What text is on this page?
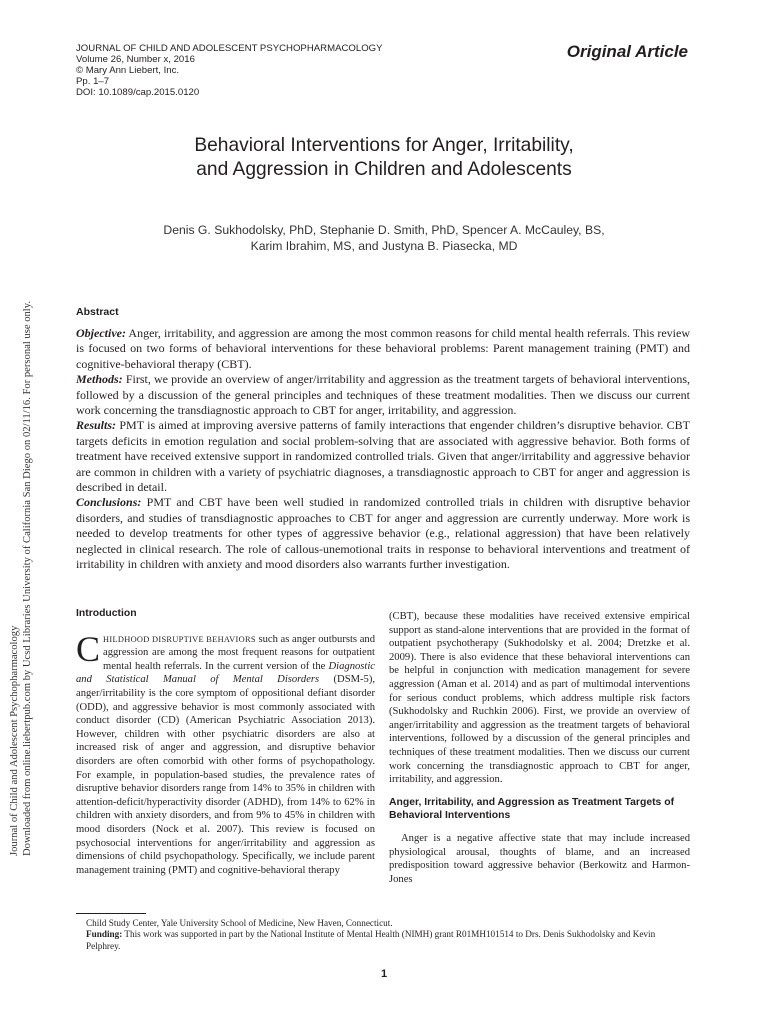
Journal of Child and Adolescent Psychopharmacology Downloaded from online.liebertpub.com by Ucsd Libraries University of California San Diego on 02/11/16. For personal use only.
JOURNAL OF CHILD AND ADOLESCENT PSYCHOPHARMACOLOGY
Volume 26, Number x, 2016
© Mary Ann Liebert, Inc.
Pp. 1–7
DOI: 10.1089/cap.2015.0120
Original Article
Behavioral Interventions for Anger, Irritability,
and Aggression in Children and Adolescents
Denis G. Sukhodolsky, PhD, Stephanie D. Smith, PhD, Spencer A. McCauley, BS,
Karim Ibrahim, MS, and Justyna B. Piasecka, MD
Abstract

Objective: Anger, irritability, and aggression are among the most common reasons for child mental health referrals. This review is focused on two forms of behavioral interventions for these behavioral problems: Parent management training (PMT) and cognitive-behavioral therapy (CBT).

Methods: First, we provide an overview of anger/irritability and aggression as the treatment targets of behavioral interventions, followed by a discussion of the general principles and techniques of these treatment modalities. Then we discuss our current work concerning the transdiagnostic approach to CBT for anger, irritability, and aggression.

Results: PMT is aimed at improving aversive patterns of family interactions that engender children’s disruptive behavior. CBT targets deficits in emotion regulation and social problem-solving that are associated with aggressive behavior. Both forms of treatment have received extensive support in randomized controlled trials. Given that anger/irritability and aggressive behavior are common in children with a variety of psychiatric diagnoses, a transdiagnostic approach to CBT for anger and aggression is described in detail.

Conclusions: PMT and CBT have been well studied in randomized controlled trials in children with disruptive behavior disorders, and studies of transdiagnostic approaches to CBT for anger and aggression are currently underway. More work is needed to develop treatments for other types of aggressive behavior (e.g., relational aggression) that have been relatively neglected in clinical research. The role of callous-unemotional traits in response to behavioral interventions and treatment of irritability in children with anxiety and mood disorders also warrants further investigation.

Introduction

CHILDHOOD DISRUPTIVE BEHAVIORS such as anger outbursts and aggression are among the most frequent reasons for outpatient mental health referrals. In the current version of the Diagnostic and Statistical Manual of Mental Disorders (DSM-5), anger/irritability is the core symptom of oppositional defiant disorder (ODD), and aggressive behavior is most commonly associated with conduct disorder (CD) (American Psychiatric Association 2013). However, children with other psychiatric disorders are also at increased risk of anger and aggression, and disruptive behavior disorders are often comorbid with other forms of psychopathology. For example, in population-based studies, the prevalence rates of disruptive behavior disorders range from 14% to 35% in children with attention-deficit/hyperactivity disorder (ADHD), from 14% to 62% in children with anxiety disorders, and from 9% to 45% in children with mood disorders (Nock et al. 2007). This review is focused on psychosocial interventions for anger/irritability and aggression as dimensions of child psychopathology. Specifically, we include parent management training (PMT) and cognitive-behavioral therapy

(CBT), because these modalities have received extensive empirical support as stand-alone interventions that are provided in the format of outpatient psychotherapy (Sukhodolsky et al. 2004; Dretzke et al. 2009). There is also evidence that these behavioral interventions can be helpful in conjunction with medication management for severe aggression (Aman et al. 2014) and as part of multimodal interventions for serious conduct problems, which address multiple risk factors (Sukhodolsky and Ruchkin 2006). First, we provide an overview of anger/irritability and aggression as the treatment targets of behavioral interventions, followed by a discussion of the general principles and techniques of these treatment modalities. Then we discuss our current work concerning the transdiagnostic approach to CBT for anger, irritability, and aggression.

Anger, Irritability, and Aggression as Treatment Targets of Behavioral Interventions

Anger is a negative affective state that may include increased physiological arousal, thoughts of blame, and an increased predisposition toward aggressive behavior (Berkowitz and Harmon-Jones

Child Study Center, Yale University School of Medicine, New Haven, Connecticut.
Funding: This work was supported in part by the National Institute of Mental Health (NIMH) grant R01MH101514 to Drs. Denis Sukhodolsky and Kevin Pelphrey.
1
